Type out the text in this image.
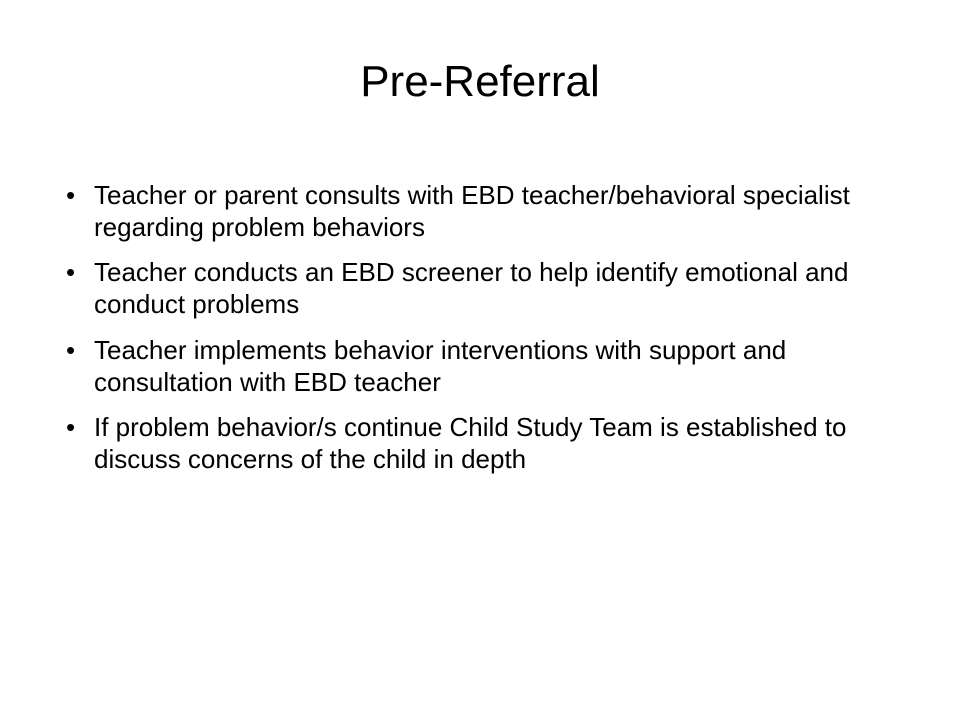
Pre-Referral
• Teacher or parent consults with EBD teacher/behavioral specialist regarding problem behaviors
• Teacher conducts an EBD screener to help identify emotional and conduct problems
• Teacher implements behavior interventions with support and consultation with EBD teacher
• If problem behavior/s continue Child Study Team is established to discuss concerns of the child in depth
